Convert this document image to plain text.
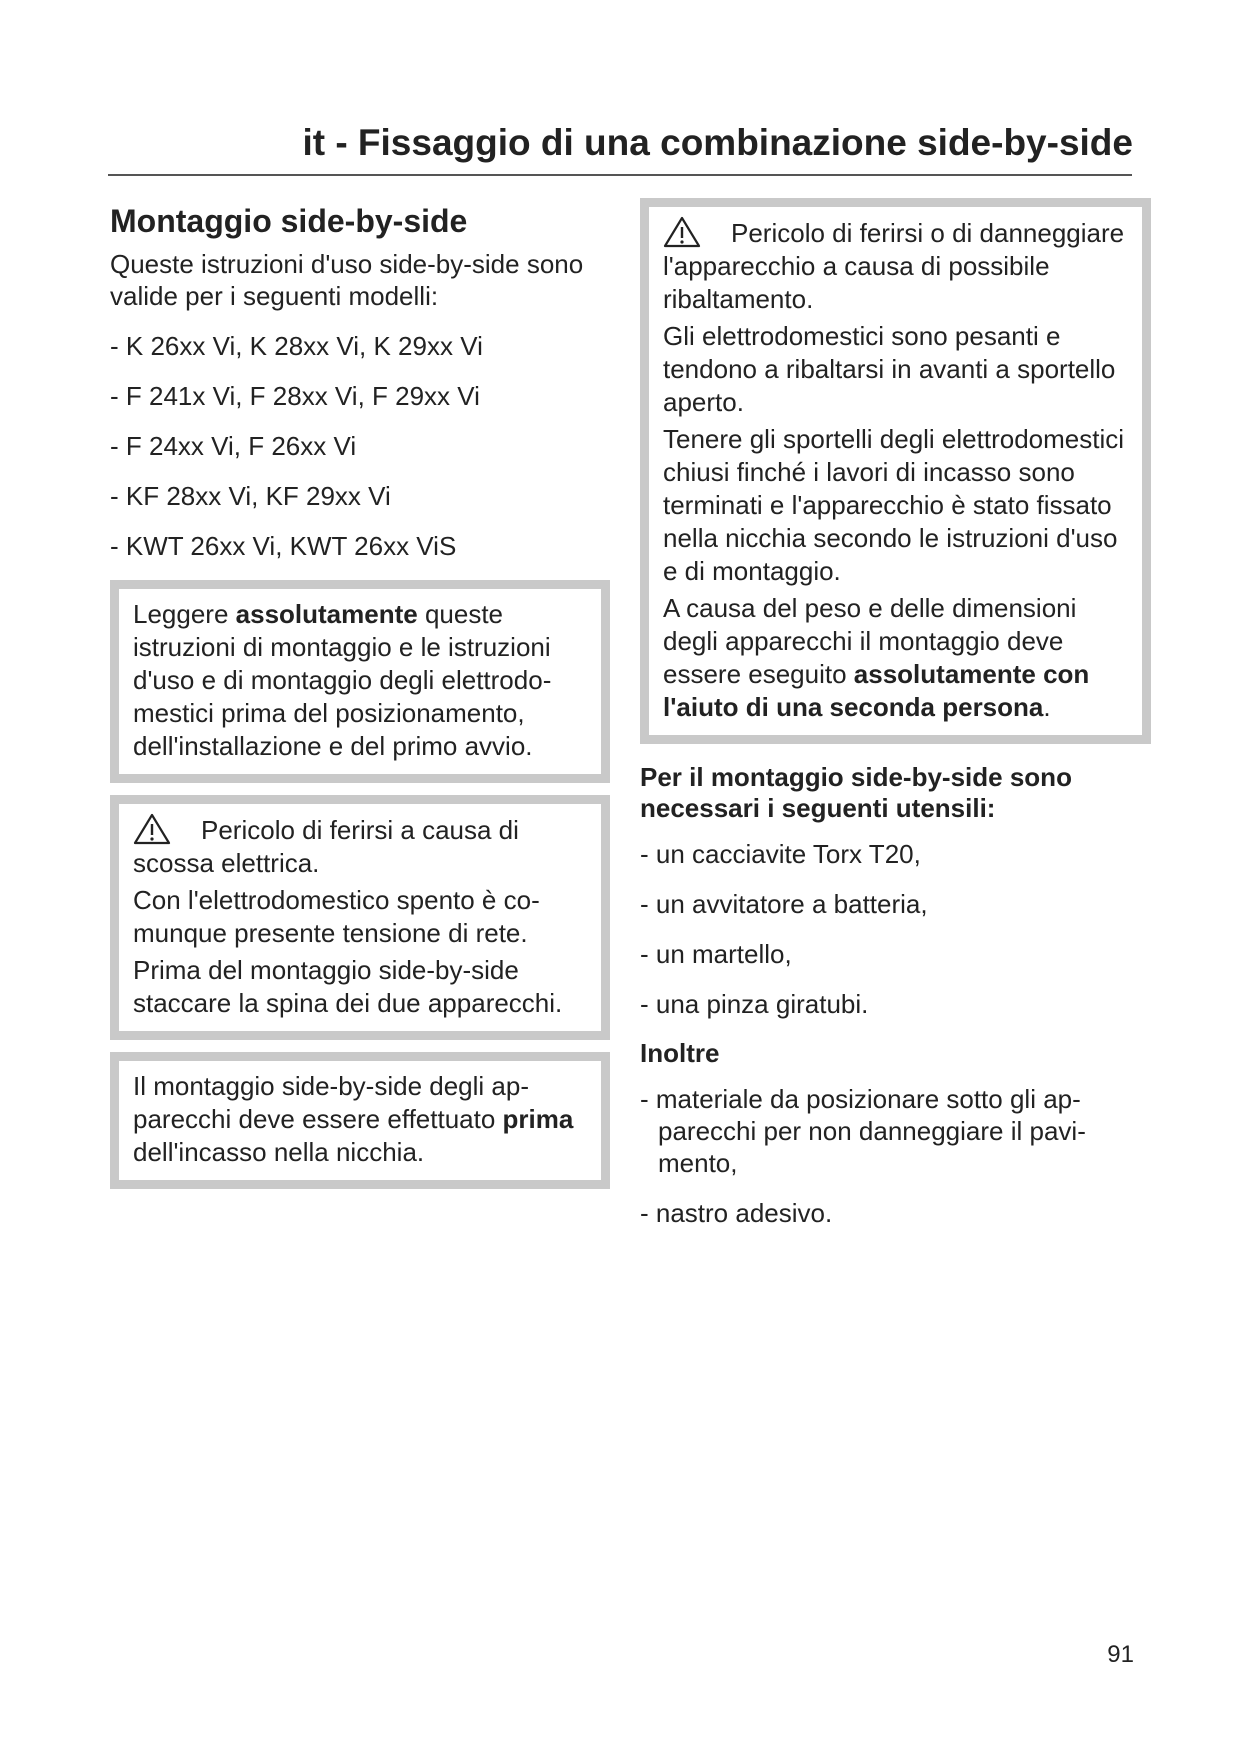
it - Fissaggio di una combinazione side-by-side
Montaggio side-by-side
Queste istruzioni d'uso side-by-side sono valide per i seguenti modelli:
- K 26xx Vi, K 28xx Vi, K 29xx Vi
- F 241x Vi, F 28xx Vi, F 29xx Vi
- F 24xx Vi, F 26xx Vi
- KF 28xx Vi, KF 29xx Vi
- KWT 26xx Vi, KWT 26xx ViS

Leggere assolutamente queste istruzioni di montaggio e le istruzioni d'uso e di montaggio degli elettrodomestici prima del posizionamento, dell'installazione e del primo avvio.

Pericolo di ferirsi a causa di scossa elettrica.

Con l'elettrodomestico spento è comunque presente tensione di rete.

Prima del montaggio side-by-side staccare la spina dei due apparecchi.

Il montaggio side-by-side degli apparecchi deve essere effettuato prima dell'incasso nella nicchia.

Pericolo di ferirsi o di danneggiare l'apparecchio a causa di possibile ribaltamento.

Gli elettrodomestici sono pesanti e tendono a ribaltarsi in avanti a sportello aperto.

Tenere gli sportelli degli elettrodomestici chiusi finché i lavori di incasso sono terminati e l'apparecchio è stato fissato nella nicchia secondo le istruzioni d'uso e di montaggio.

A causa del peso e delle dimensioni degli apparecchi il montaggio deve essere eseguito assolutamente con l'aiuto di una seconda persona.

Per il montaggio side-by-side sono necessari i seguenti utensili:
- un cacciavite Torx T20,
- un avvitatore a batteria,
- un martello,
- una pinza giratubi.
Inoltre
- materiale da posizionare sotto gli apparecchi per non danneggiare il pavimento,
- nastro adesivo.
91
